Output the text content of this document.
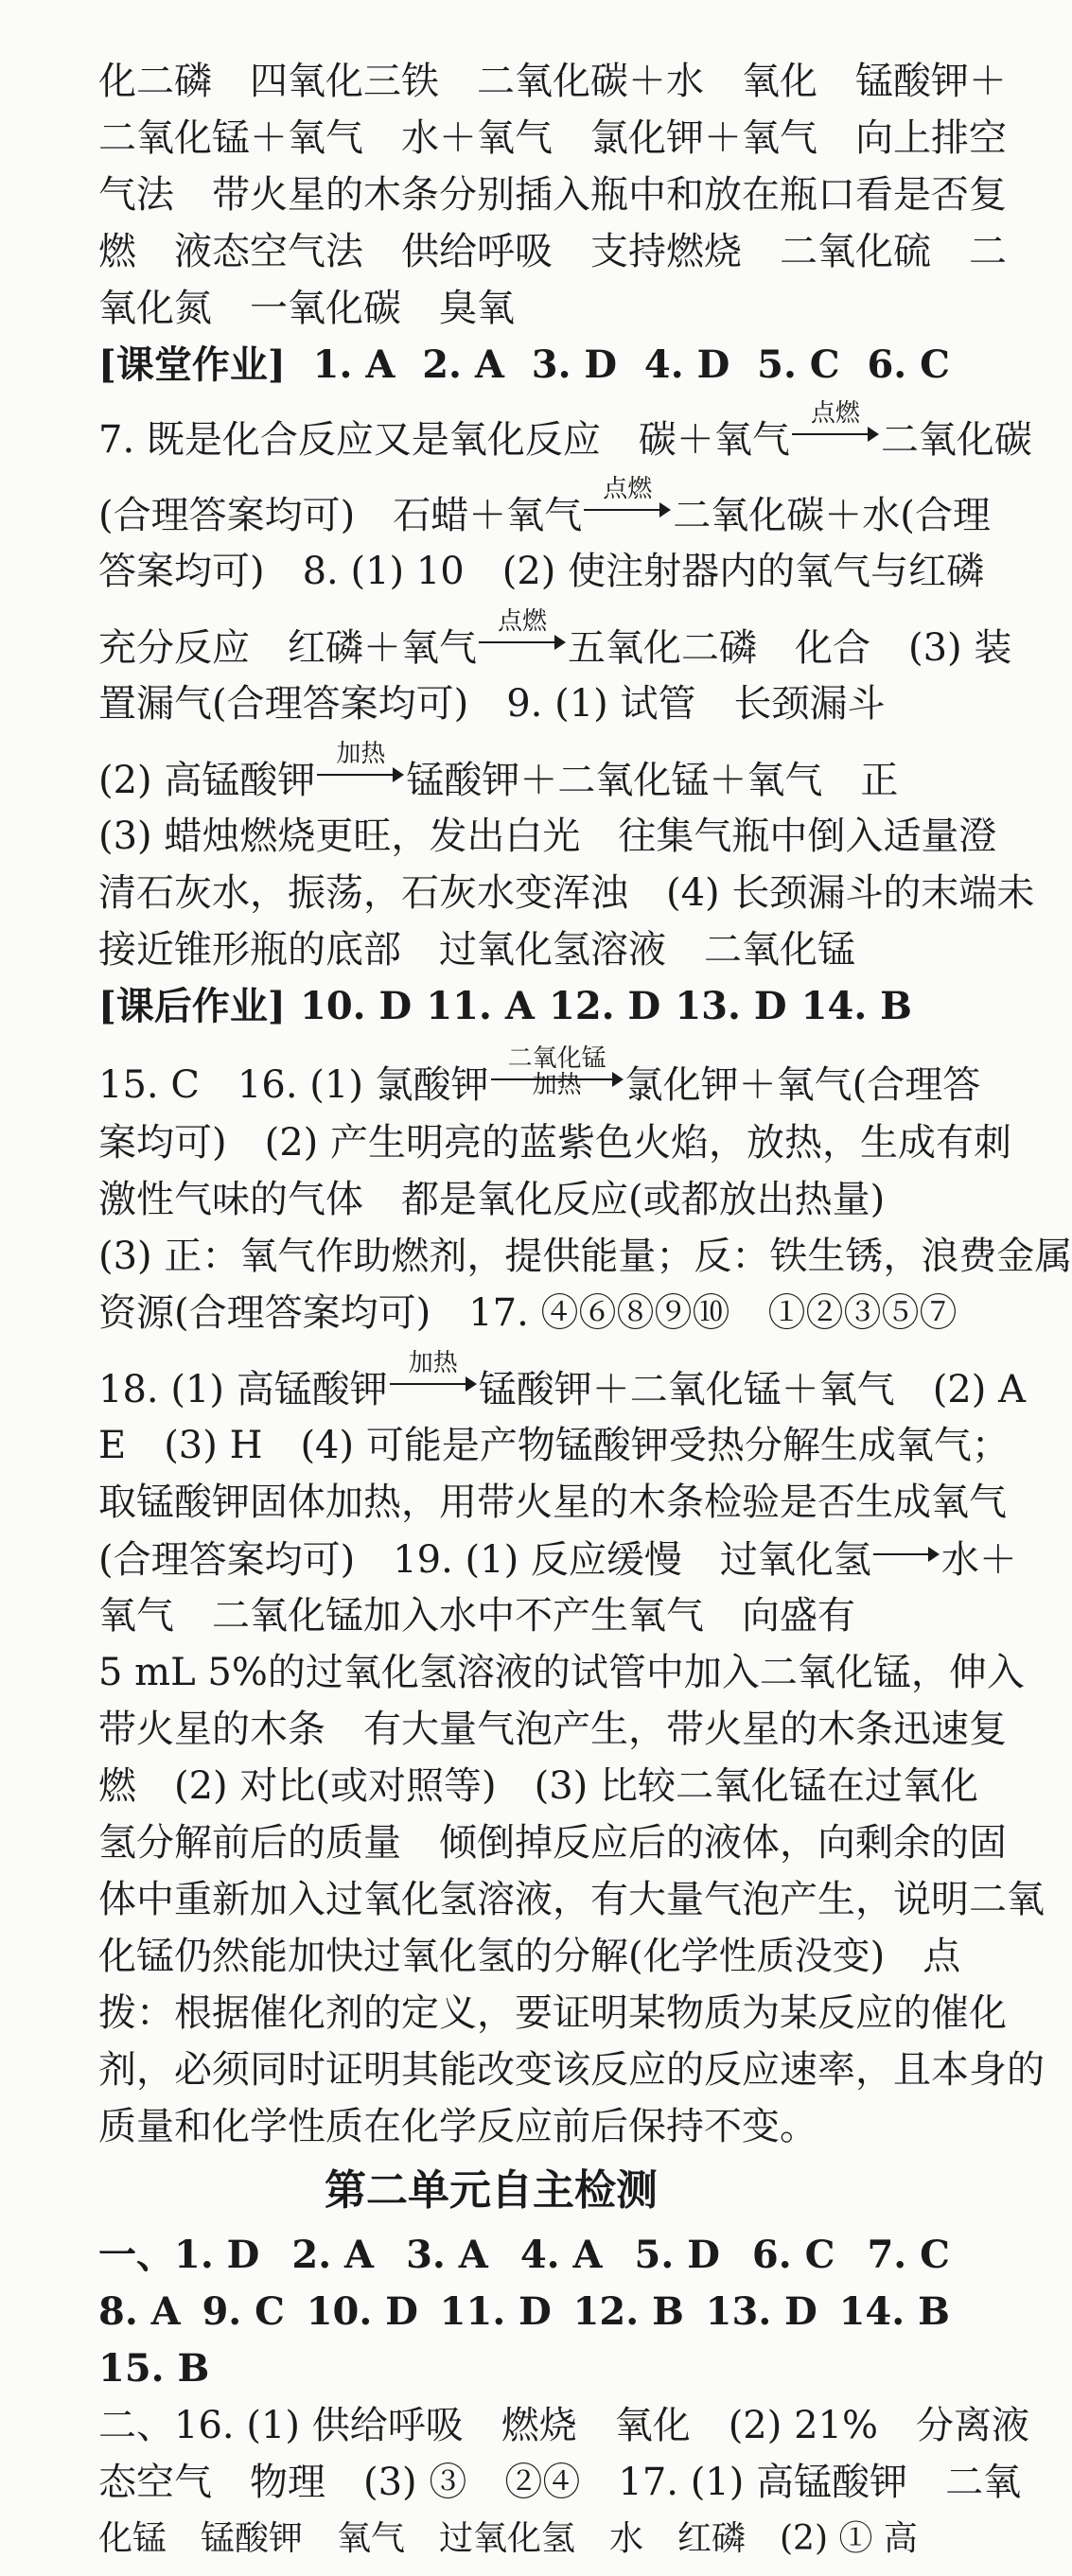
化二磷　四氧化三铁　二氧化碳＋水　氧化　锰酸钾＋
二氧化锰＋氧气　水＋氧气　氯化钾＋氧气　向上排空
气法　带火星的木条分别插入瓶中和放在瓶口看是否复
燃　液态空气法　供给呼吸　支持燃烧　二氧化硫　二
氧化氮　一氧化碳　臭氧
[课堂作业] 1. A 2. A 3. D 4. D 5. C 6. C
7. 既是化合反应又是氧化反应　碳＋氧气
点燃
二氧化碳
(合理答案均可)　石蜡＋氧气
点燃
二氧化碳＋水(合理
答案均可)　8. (1) 10　(2) 使注射器内的氧气与红磷
充分反应　红磷＋氧气
点燃
五氧化二磷　化合　(3) 装
置漏气(合理答案均可)　9. (1) 试管　长颈漏斗
(2) 高锰酸钾
加热
锰酸钾＋二氧化锰＋氧气　正
(3) 蜡烛燃烧更旺，发出白光　往集气瓶中倒入适量澄
清石灰水，振荡，石灰水变浑浊　(4) 长颈漏斗的末端未
接近锥形瓶的底部　过氧化氢溶液　二氧化锰
[课后作业] 10. D 11. A 12. D 13. D 14. B
15. C　16. (1) 氯酸钾
二氧化锰
加热	氯化钾＋氧气(合理答
案均可)　(2) 产生明亮的蓝紫色火焰，放热，生成有刺
激性气味的气体　都是氧化反应(或都放出热量)
(3) 正：氧气作助燃剂，提供能量；反：铁生锈，浪费金属
资源(合理答案均可)　17. ④⑥⑧⑨⑩　①②③⑤⑦
18. (1) 高锰酸钾
加热
锰酸钾＋二氧化锰＋氧气　(2) A
E　(3) H　(4) 可能是产物锰酸钾受热分解生成氧气；
取锰酸钾固体加热，用带火星的木条检验是否生成氧气
(合理答案均可)　19. (1) 反应缓慢　过氧化氢 水＋
氧气　二氧化锰加入水中不产生氧气　向盛有
5 mL 5%的过氧化氢溶液的试管中加入二氧化锰，伸入
带火星的木条　有大量气泡产生，带火星的木条迅速复
燃　(2) 对比(或对照等)　(3) 比较二氧化锰在过氧化
氢分解前后的质量　倾倒掉反应后的液体，向剩余的固
体中重新加入过氧化氢溶液，有大量气泡产生，说明二氧
化锰仍然能加快过氧化氢的分解(化学性质没变)　点
拨：根据催化剂的定义，要证明某物质为某反应的催化
剂，必须同时证明其能改变该反应的反应速率，且本身的
质量和化学性质在化学反应前后保持不变。
第二单元自主检测
一、1. D 2. A 3. A 4. A 5. D 6. C 7. C
8. A 9. C 10. D 11. D 12. B 13. D 14. B
15. B
二、16. (1) 供给呼吸　燃烧　氧化　(2) 21%　分离液
态空气　物理　(3) ③　②④　17. (1) 高锰酸钾　二氧
化锰　锰酸钾　氧气　过氧化氢　水　红磷　(2) ① 高
